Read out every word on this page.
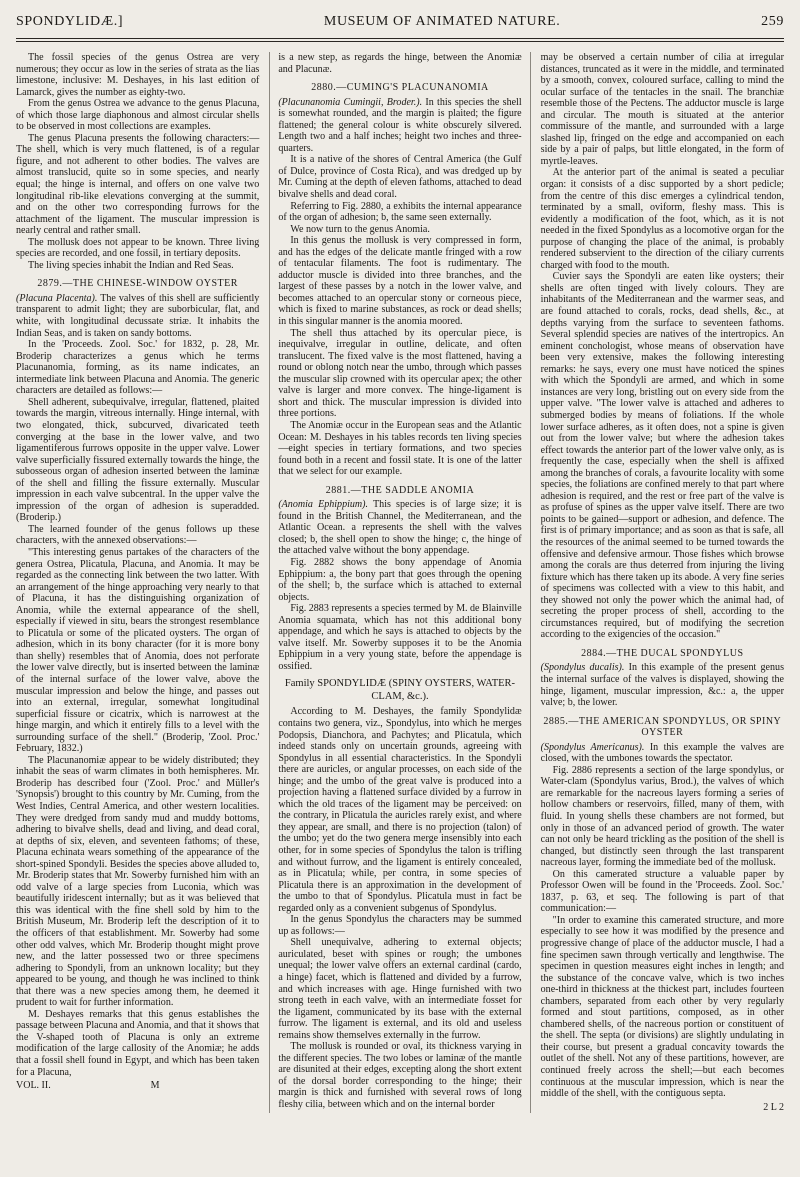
SPONDYLIDÆ.]	MUSEUM OF ANIMATED NATURE.	259

The fossil species of the genus Ostrea are very numerous; they occur as low in the series of strata as the lias limestone, inclusive: M. Deshayes, in his last edition of Lamarck, gives the number as eighty-two.

From the genus Ostrea we advance to the genus Placuna, of which those large diaphonous and almost circular shells to be observed in most collections are examples.

The genus Placuna presents the following characters:—The shell, which is very much flattened, is of a regular figure, and not adherent to other bodies. The valves are almost translucid, quite so in some species, and nearly equal; the hinge is internal, and offers on one valve two longitudinal rib-like elevations converging at the summit, and on the other two corresponding furrows for the attachment of the ligament. The muscular impression is nearly central and rather small.

The mollusk does not appear to be known. Three living species are recorded, and one fossil, in tertiary deposits.

The living species inhabit the Indian and Red Seas.

2879.—THE CHINESE-WINDOW OYSTER

(Placuna Placenta). The valves of this shell are sufficiently transparent to admit light; they are suborbicular, flat, and white, with longitudinal decussate striæ. It inhabits the Indian Seas, and is taken on sandy bottoms.

In the 'Proceeds. Zool. Soc.' for 1832, p. 28, Mr. Broderip characterizes a genus which he terms Placunanomia, forming, as its name indicates, an intermediate link between Placuna and Anomia. The generic characters are detailed as follows:—

Shell adherent, subequivalve, irregular, flattened, plaited towards the margin, vitreous internally. Hinge internal, with two elongated, thick, subcurved, divaricated teeth converging at the base in the lower valve, and two ligamentiferous furrows opposite in the upper valve. Lower valve superficially fissured externally towards the hinge, the subosseous organ of adhesion inserted between the laminæ of the shell and filling the fissure externally. Muscular impression in each valve subcentral. In the upper valve the impression of the organ of adhesion is superadded. (Broderip.)

The learned founder of the genus follows up these characters, with the annexed observations:—

"This interesting genus partakes of the characters of the genera Ostrea, Plicatula, Placuna, and Anomia. It may be regarded as the connecting link between the two latter. With an arrangement of the hinge approaching very nearly to that of Placuna, it has the distinguishing organization of Anomia, while the external appearance of the shell, especially if viewed in situ, bears the strongest resemblance to Plicatula or some of the plicated oysters. The organ of adhesion, which in its bony character (for it is more bony than shelly) resembles that of Anomia, does not perforate the lower valve directly, but is inserted between the laminæ of the internal surface of the lower valve, above the muscular impression and below the hinge, and passes out into an external, irregular, somewhat longitudinal superficial fissure or cicatrix, which is narrowest at the hinge margin, and which it entirely fills to a level with the surrounding surface of the shell." (Broderip, 'Zool. Proc.' February, 1832.)

The Placunanomiæ appear to be widely distributed; they inhabit the seas of warm climates in both hemispheres. Mr. Broderip has described four ('Zool. Proc.' and Müller's 'Synopsis') brought to this country by Mr. Cuming, from the West Indies, Central America, and other western localities. They were dredged from sandy mud and muddy bottoms, adhering to bivalve shells, dead and living, and dead coral, at depths of six, eleven, and seventeen fathoms; of these, Placuna echinata wears something of the appearance of the short-spined Spondyli. Besides the species above alluded to, Mr. Broderip states that Mr. Sowerby furnished him with an odd valve of a large species from Luconia, which was beautifully iridescent internally; but as it was believed that this was identical with the fine shell sold by him to the British Museum, Mr. Broderip left the description of it to the officers of that establishment. Mr. Sowerby had some other odd valves, which Mr. Broderip thought might prove new, and the latter possessed two or three specimens adhering to Spondyli, from an unknown locality; but they appeared to be young, and though he was inclined to think that there was a new species among them, he deemed it prudent to wait for further information.

M. Deshayes remarks that this genus establishes the passage between Placuna and Anomia, and that it shows that the V-shaped tooth of Placuna is only an extreme modification of the large callosity of the Anomiæ; he adds that a fossil shell found in Egypt, and which has been taken for a Placuna,

VOL. II.	M

is a new step, as regards the hinge, between the Anomiæ and Placunæ.

2880.—CUMING'S PLACUNANOMIA

(Placunanomia Cumingii, Broder.). In this species the shell is somewhat rounded, and the margin is plaited; the figure flattened; the general colour is white obscurely silvered. Length two and a half inches; height two inches and three-quarters.

It is a native of the shores of Central America (the Gulf of Dulce, province of Costa Rica), and was dredged up by Mr. Cuming at the depth of eleven fathoms, attached to dead bivalve shells and dead coral.

Referring to Fig. 2880, a exhibits the internal appearance of the organ of adhesion; b, the same seen externally.

We now turn to the genus Anomia.

In this genus the mollusk is very compressed in form, and has the edges of the delicate mantle fringed with a row of tentacular filaments. The foot is rudimentary. The adductor muscle is divided into three branches, and the largest of these passes by a notch in the lower valve, and becomes attached to an opercular stony or corneous piece, which is fixed to marine substances, as rock or dead shells; in this singular manner is the anomia moored.

The shell thus attached by its opercular piece, is inequivalve, irregular in outline, delicate, and often translucent. The fixed valve is the most flattened, having a round or oblong notch near the umbo, through which passes the muscular slip crowned with its opercular apex; the other valve is larger and more convex. The hinge-ligament is short and thick. The muscular impression is divided into three portions.

The Anomiæ occur in the European seas and the Atlantic Ocean: M. Deshayes in his tables records ten living species—eight species in tertiary formations, and two species found both in a recent and fossil state. It is one of the latter that we select for our example.

2881.—THE SADDLE ANOMIA

(Anomia Ephippium). This species is of large size; it is found in the British Channel, the Mediterranean, and the Atlantic Ocean. a represents the shell with the valves closed; b, the shell open to show the hinge; c, the hinge of the attached valve without the bony appendage.

Fig. 2882 shows the bony appendage of Anomia Ephippium: a, the bony part that goes through the opening of the shell; b, the surface which is attached to external objects.

Fig. 2883 represents a species termed by M. de Blainville Anomia squamata, which has not this additional bony appendage, and which he says is attached to objects by the valve itself. Mr. Sowerby supposes it to be the Anomia Ephippium in a very young state, before the appendage is ossified.

Family SPONDYLIDÆ (SPINY OYSTERS, WATER-CLAM, &c.).

According to M. Deshayes, the family Spondylidæ contains two genera, viz., Spondylus, into which he merges Podopsis, Dianchora, and Pachytes; and Plicatula, which indeed stands only on uncertain grounds, agreeing with Spondylus in all essential characteristics. In the Spondyli there are auricles, or angular processes, on each side of the hinge; and the umbo of the great valve is produced into a projection having a flattened surface divided by a furrow in which the old traces of the ligament may be perceived: on the contrary, in Plicatula the auricles rarely exist, and where they appear, are small, and there is no projection (talon) of the umbo; yet do the two genera merge insensibly into each other, for in some species of Spondylus the talon is trifling and without furrow, and the ligament is entirely concealed, as in Plicatula; while, per contra, in some species of Plicatula there is an approximation in the development of the umbo to that of Spondylus. Plicatula must in fact be regarded only as a convenient subgenus of Spondylus.

In the genus Spondylus the characters may be summed up as follows:—

Shell unequivalve, adhering to external objects; auriculated, beset with spines or rough; the umbones unequal; the lower valve offers an external cardinal (cardo, a hinge) facet, which is flattened and divided by a furrow, and which increases with age. Hinge furnished with two strong teeth in each valve, with an intermediate fosset for the ligament, communicated by its base with the external furrow. The ligament is external, and its old and useless remains show themselves externally in the furrow.

The mollusk is rounded or oval, its thickness varying in the different species. The two lobes or laminæ of the mantle are disunited at their edges, excepting along the short extent of the dorsal border corresponding to the hinge; their margin is thick and furnished with several rows of long fleshy cilia, between which and on the internal border

may be observed a certain number of cilia at irregular distances, truncated as it were in the middle, and terminated by a smooth, convex, coloured surface, calling to mind the ocular surface of the tentacles in the snail. The branchiæ resemble those of the Pectens. The adductor muscle is large and circular. The mouth is situated at the anterior commissure of the mantle, and surrounded with a large slashed lip, fringed on the edge and accompanied on each side by a pair of palps, but little elongated, in the form of myrtle-leaves.

At the anterior part of the animal is seated a peculiar organ: it consists of a disc supported by a short pedicle; from the centre of this disc emerges a cylindrical tendon, terminated by a small, oviform, fleshy mass. This is evidently a modification of the foot, which, as it is not needed in the fixed Spondylus as a locomotive organ for the purpose of changing the place of the animal, is probably rendered subservient to the direction of the ciliary currents charged with food to the mouth.

Cuvier says the Spondyli are eaten like oysters; their shells are often tinged with lively colours. They are inhabitants of the Mediterranean and the warmer seas, and are found attached to corals, rocks, dead shells, &c., at depths varying from the surface to seventeen fathoms. Several splendid species are natives of the intertropics. An eminent conchologist, whose means of observation have been very extensive, makes the following interesting remarks: he says, every one must have noticed the spines with which the Spondyli are armed, and which in some instances are very long, bristling out on every side from the upper valve. "The lower valve is attached and adheres to submerged bodies by means of foliations. If the whole lower surface adheres, as it often does, not a spine is given out from the lower valve; but where the adhesion takes effect towards the anterior part of the lower valve only, as is frequently the case, especially when the shell is affixed among the branches of corals, a favourite locality with some species, the foliations are confined merely to that part where adhesion is required, and the rest or free part of the valve is as profuse of spines as the upper valve itself. There are two points to be gained—support or adhesion, and defence. The first is of primary importance; and as soon as that is safe, all the resources of the animal seemed to be turned towards the offensive and defensive armour. Those fishes which browse among the corals are thus deterred from injuring the living fixture which has there taken up its abode. A very fine series of specimens was collected with a view to this habit, and they showed not only the power which the animal had, of secreting the proper process of shell, according to the circumstances required, but of modifying the secretion according to the exigencies of the occasion."

2884.—THE DUCAL SPONDYLUS

(Spondylus ducalis). In this example of the present genus the internal surface of the valves is displayed, showing the hinge, ligament, muscular impression, &c.: a, the upper valve; b, the lower.

2885.—THE AMERICAN SPONDYLUS, OR SPINY OYSTER

(Spondylus Americanus). In this example the valves are closed, with the umbones towards the spectator.

Fig. 2886 represents a section of the large spondylus, or Water-clam (Spondylus varius, Brod.), the valves of which are remarkable for the nacreous layers forming a series of hollow chambers or reservoirs, filled, many of them, with fluid. In young shells these chambers are not formed, but only in those of an advanced period of growth. The water can not only be heard trickling as the position of the shell is changed, but distinctly seen through the last transparent nacreous layer, forming the immediate bed of the mollusk.

On this camerated structure a valuable paper by Professor Owen will be found in the 'Proceeds. Zool. Soc.' 1837, p. 63, et seq. The following is part of that communication:—

"In order to examine this camerated structure, and more especially to see how it was modified by the presence and progressive change of place of the adductor muscle, I had a fine specimen sawn through vertically and lengthwise. The specimen in question measures eight inches in length; and the substance of the concave valve, which is two inches one-third in thickness at the thickest part, includes fourteen chambers, separated from each other by very regularly formed and stout partitions, composed, as in other chambered shells, of the nacreous portion or constituent of the shell. The septa (or divisions) are slightly undulating in their course, but present a gradual concavity towards the outlet of the shell. Not any of these partitions, however, are continued freely across the shell;—but each becomes continuous at the muscular impression, which is near the middle of the shell, with the contiguous septa.

2 L 2
